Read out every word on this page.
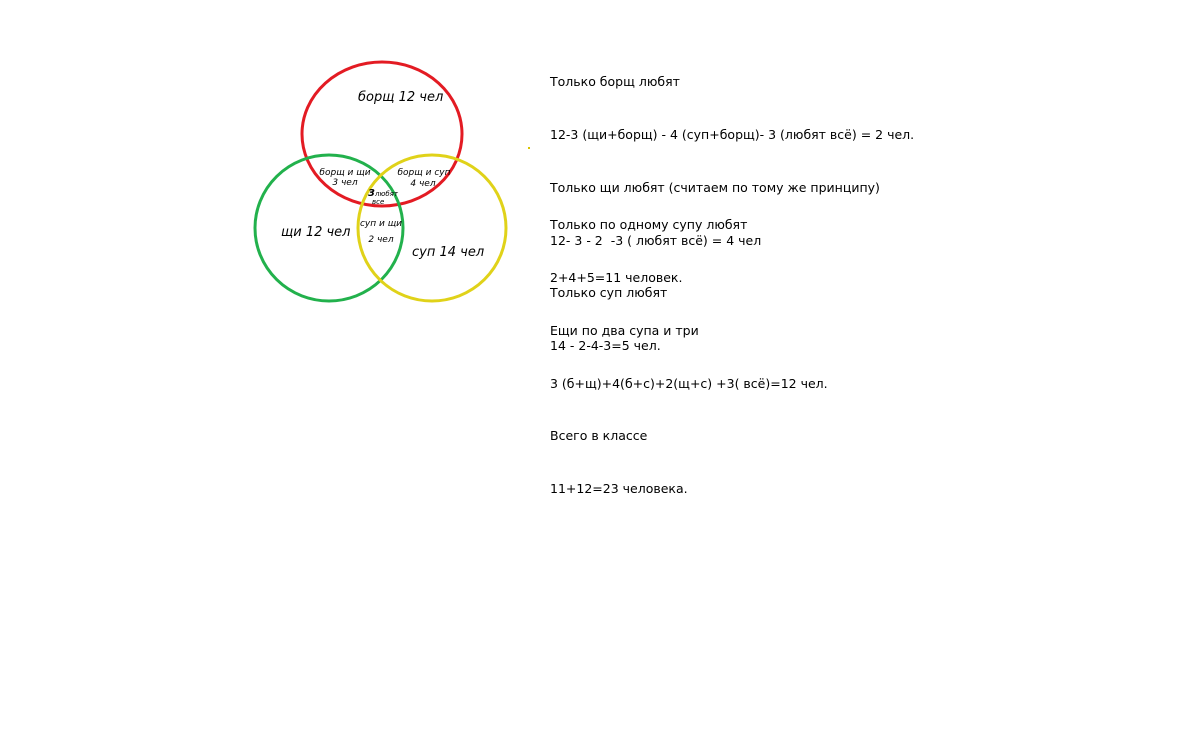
борщ 12 чел
щи 12 чел
суп 14 чел
борщ и щи
3 чел
борщ и суп
4 чел
3 любят
все
суп и щи
2 чел

Только борщ любят

12-3 (щи+борщ) - 4 (суп+борщ)- 3 (любят всё) = 2 чел.

Только щи любят (считаем по тому же принципу)

12- 3 - 2  -3 ( любят всё) = 4 чел

Только суп любят

14 - 2-4-3=5 чел.

Только по одному супу любят

2+4+5=11 человек.

Ещи по два супа и три

3 (б+щ)+4(б+с)+2(щ+с) +3( всё)=12 чел.

Всего в классе

11+12=23 человека.
